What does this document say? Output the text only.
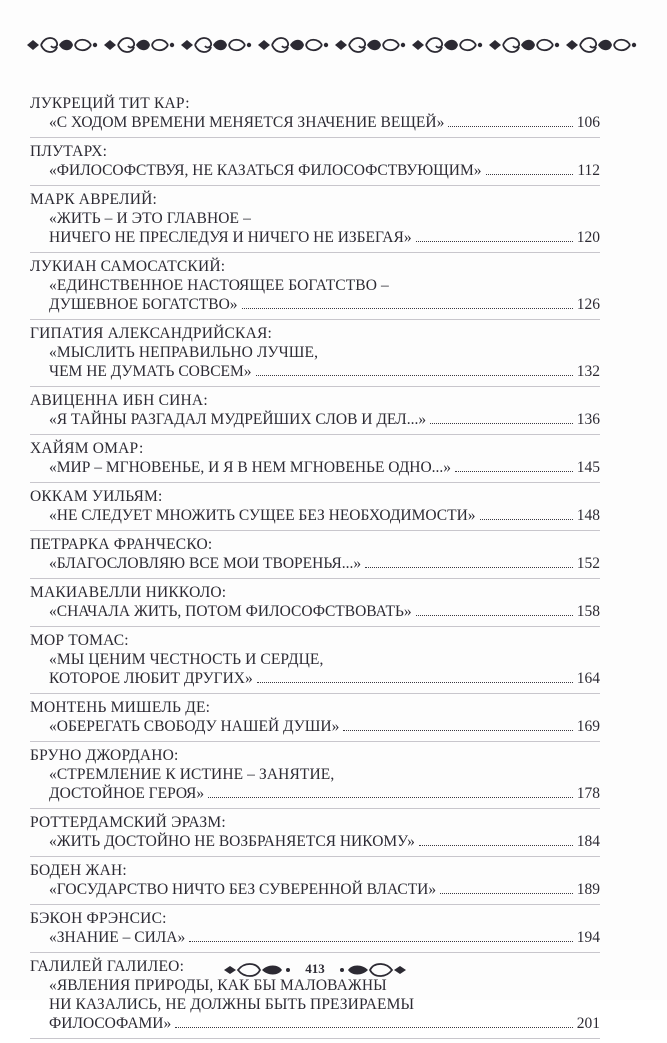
ЛУКРЕЦИЙ ТИТ КАР:
«С ХОДОМ ВРЕМЕНИ МЕНЯЕТСЯ ЗНАЧЕНИЕ ВЕЩЕЙ»	106
ПЛУТАРХ:
«ФИЛОСОФСТВУЯ, НЕ КАЗАТЬСЯ ФИЛОСОФСТВУЮЩИМ»	112
МАРК АВРЕЛИЙ:
«ЖИТЬ – И ЭТО ГЛАВНОЕ –
НИЧЕГО НЕ ПРЕСЛЕДУЯ И НИЧЕГО НЕ ИЗБЕГАЯ»	120
ЛУКИАН САМОСАТСКИЙ:
«ЕДИНСТВЕННОЕ НАСТОЯЩЕЕ БОГАТСТВО –
ДУШЕВНОЕ БОГАТСТВО»	126
ГИПАТИЯ АЛЕКСАНДРИЙСКАЯ:
«МЫСЛИТЬ НЕПРАВИЛЬНО ЛУЧШЕ,
ЧЕМ НЕ ДУМАТЬ СОВСЕМ»	132
АВИЦЕННА ИБН СИНА:
«Я ТАЙНЫ РАЗГАДАЛ МУДРЕЙШИХ СЛОВ И ДЕЛ...»	136
ХАЙЯМ ОМАР:
«МИР – МГНОВЕНЬЕ, И Я В НЕМ МГНОВЕНЬЕ ОДНО...»	145
ОККАМ УИЛЬЯМ:
«НЕ СЛЕДУЕТ МНОЖИТЬ СУЩЕЕ БЕЗ НЕОБХОДИМОСТИ»	148
ПЕТРАРКА ФРАНЧЕСКО:
«БЛАГОСЛОВЛЯЮ ВСЕ МОИ ТВОРЕНЬЯ...»	152
МАКИАВЕЛЛИ НИККОЛО:
«СНАЧАЛА ЖИТЬ, ПОТОМ ФИЛОСОФСТВОВАТЬ»	158
МОР ТОМАС:
«МЫ ЦЕНИМ ЧЕСТНОСТЬ И СЕРДЦЕ,
КОТОРОЕ ЛЮБИТ ДРУГИХ»	164
МОНТЕНЬ МИШЕЛЬ ДЕ:
«ОБЕРЕГАТЬ СВОБОДУ НАШЕЙ ДУШИ»	169
БРУНО ДЖОРДАНО:
«СТРЕМЛЕНИЕ К ИСТИНЕ – ЗАНЯТИЕ,
ДОСТОЙНОЕ ГЕРОЯ»	178
РОТТЕРДАМСКИЙ ЭРАЗМ:
«ЖИТЬ ДОСТОЙНО НЕ ВОЗБРАНЯЕТСЯ НИКОМУ»	184
БОДЕН ЖАН:
«ГОСУДАРСТВО НИЧТО БЕЗ СУВЕРЕННОЙ ВЛАСТИ»	189
БЭКОН ФРЭНСИС:
«ЗНАНИЕ – СИЛА»	194
ГАЛИЛЕЙ ГАЛИЛЕО:
«ЯВЛЕНИЯ ПРИРОДЫ, КАК БЫ МАЛОВАЖНЫ
НИ КАЗАЛИСЬ, НЕ ДОЛЖНЫ БЫТЬ ПРЕЗИРАЕМЫ
ФИЛОСОФАМИ»	201
413
